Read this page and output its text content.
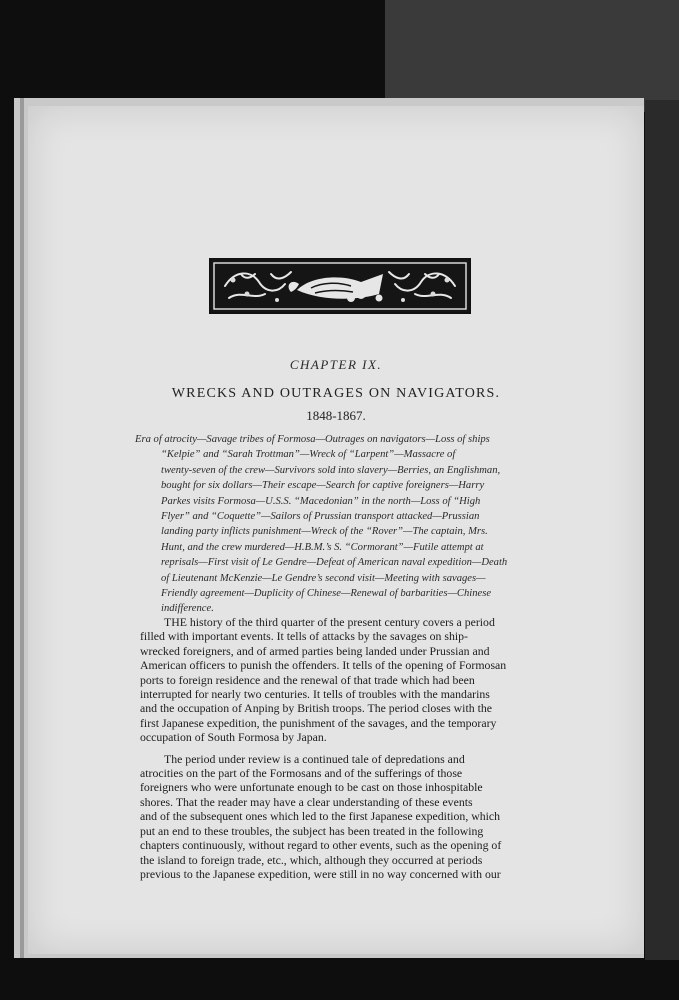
CHAPTER IX.
WRECKS AND OUTRAGES ON NAVIGATORS.
1848-1867.
Era of atrocity—Savage tribes of Formosa—Outrages on navigators—Loss of ships
“Kelpie” and “Sarah Trottman”—Wreck of “Larpent”—Massacre of
twenty-seven of the crew—Survivors sold into slavery—Berries, an Englishman,
bought for six dollars—Their escape—Search for captive foreigners—Harry
Parkes visits Formosa—U.S.S. “Macedonian” in the north—Loss of “High
Flyer” and “Coquette”—Sailors of Prussian transport attacked—Prussian
landing party inflicts punishment—Wreck of the “Rover”—The captain, Mrs.
Hunt, and the crew murdered—H.B.M.’s S. “Cormorant”—Futile attempt at
reprisals—First visit of Le Gendre—Defeat of American naval expedition—Death
of Lieutenant McKenzie—Le Gendre’s second visit—Meeting with savages—
Friendly agreement—Duplicity of Chinese—Renewal of barbarities—Chinese
indifference.
THE history of the third quarter of the present century covers a period
filled with important events. It tells of attacks by the savages on ship-
wrecked foreigners, and of armed parties being landed under Prussian and
American officers to punish the offenders. It tells of the opening of Formosan
ports to foreign residence and the renewal of that trade which had been
interrupted for nearly two centuries. It tells of troubles with the mandarins
and the occupation of Anping by British troops. The period closes with the
first Japanese expedition, the punishment of the savages, and the temporary
occupation of South Formosa by Japan.
The period under review is a continued tale of depredations and
atrocities on the part of the Formosans and of the sufferings of those
foreigners who were unfortunate enough to be cast on those inhospitable
shores. That the reader may have a clear understanding of these events
and of the subsequent ones which led to the first Japanese expedition, which
put an end to these troubles, the subject has been treated in the following
chapters continuously, without regard to other events, such as the opening of
the island to foreign trade, etc., which, although they occurred at periods
previous to the Japanese expedition, were still in no way concerned with our
